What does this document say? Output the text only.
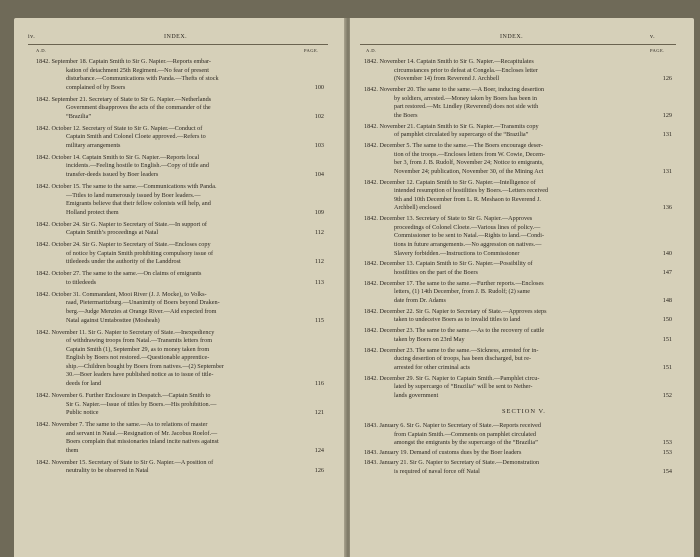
iv.	INDEX.
A.D.	PAGE.
1842. September 18. Captain Smith to Sir G. Napier.—Reports embar-
kation of detachment 25th Regiment.—No fear of present
disturbance.—Communications with Panda.—Thefts of stock
complained of by Boers	100
1842. September 21. Secretary of State to Sir G. Napier.—Netherlands
Government disapproves the acts of the commander of the
“Brazilia”	102
1842. October 12. Secretary of State to Sir G. Napier.—Conduct of
Captain Smith and Colonel Cloete approved.—Refers to
military arrangements	103
1842. October 14. Captain Smith to Sir G. Napier.—Reports local
incidents.—Feeling hostile to English.—Copy of title and
transfer-deeds issued by Boer leaders	104
1842. October 15. The same to the same.—Communications with Panda.
—Titles to land numerously issued by Boer leaders.—
Emigrants believe that their fellow colonists will help, and
Holland protect them	109
1842. October 24. Sir G. Napier to Secretary of State.—In support of
Captain Smith’s proceedings at Natal	112
1842. October 24. Sir G. Napier to Secretary of State.—Encloses copy
of notice by Captain Smith prohibiting compulsory issue of
titledeeds under the authority of the Landdrost	112
1842. October 27. The same to the same.—On claims of emigrants
to titledeeds	113
1842. October 31. Commandant, Mooi River (J. J. Mocke), to Volks-
raad, Pietermaritzburg.—Unanimity of Boers beyond Draken-
berg.—Judge Menzies at Orange River.—Aid expected from
Natal against Umtabosttee (Mosheah)	115
1842. November 11. Sir G. Napier to Secretary of State.—Inexpediency
of withdrawing troops from Natal.—Transmits letters from
Captain Smith (1), September 29, as to money taken from
English by Boers not restored.—Questionable apprentice-
ship.—Children bought by Boers from natives.—(2) September
30.—Boer leaders have published notice as to issue of title-
deeds for land	116
1842. November 6. Further Enclosure in Despatch.—Captain Smith to
Sir G. Napier.—Issue of titles by Boers.—His prohibition.—
Public notice	121
1842. November 7. The same to the same.—As to relations of master
and servant in Natal.—Resignation of Mr. Jacobus Roelof.—
Boers complain that missionaries inland incite natives against
them	124
1842. November 15. Secretary of State to Sir G. Napier.—A position of
neutrality to be observed in Natal	126
INDEX.	v.
A.D.	PAGE.
1842. November 14. Captain Smith to Sir G. Napier.—Recapitulates
circumstances prior to defeat at Congela.—Encloses letter
(November 14) from Reverend J. Archbell	126
1842. November 20. The same to the same.—A Boer, inducing desertion
by soldiers, arrested.—Money taken by Boers has been in
part restored.—Mr. Lindley (Reverend) does not side with
the Boers	129
1842. November 21. Captain Smith to Sir G. Napier.—Transmits copy
of pamphlet circulated by supercargo of the “Brazilia”	131
1842. December 5. The same to the same.—The Boers encourage deser-
tion of the troops.—Encloses letters from W. Cowie, Decem-
ber 3, from J. B. Rudolf, November 24; Notice to emigrants,
November 24; publication, November 30, of the Mining Act	131
1842. December 12. Captain Smith to Sir G. Napier.—Intelligence of
intended resumption of hostilities by Boers.—Letters received
9th and 10th December from L. R. Meshaon to Reverend J.
Archbell) enclosed	136
1842. December 13. Secretary of State to Sir G. Napier.—Approves
proceedings of Colonel Cloete.—Various lines of policy.—
Commissioner to be sent to Natal.—Rights to land.—Condi-
tions in future arrangements.—No aggression on natives.—
Slavery forbidden.—Instructions to Commissioner	140
1842. December 13. Captain Smith to Sir G. Napier.—Possibility of
hostilities on the part of the Boers	147
1842. December 17. The same to the same.—Further reports.—Encloses
letters, (1) 14th December, from J. B. Rudolf; (2) same
date from Dr. Adams	148
1842. December 22. Sir G. Napier to Secretary of State.—Approves steps
taken to undeceive Boers as to invalid titles to land	150
1842. December 23. The same to the same.—As to the recovery of cattle
taken by Boers on 23rd May	151
1842. December 23. The same to the same.—Sickness, arrested for in-
ducing desertion of troops, has been discharged, but re-
arrested for other criminal acts	151
1842. December 29. Sir G. Napier to Captain Smith.—Pamphlet circu-
lated by supercargo of “Brazilia” will be sent to Nether-
lands government	152
SECTION V.
1843. January 6. Sir G. Napier to Secretary of State.—Reports received
from Captain Smith.—Comments on pamphlet circulated
amongst the emigrants by the supercargo of the “Brazilia”	153
1843. January 19. Demand of customs dues by the Boer leaders	153
1843. January 21. Sir G. Napier to Secretary of State.—Demonstration
is required of naval force off Natal	154
